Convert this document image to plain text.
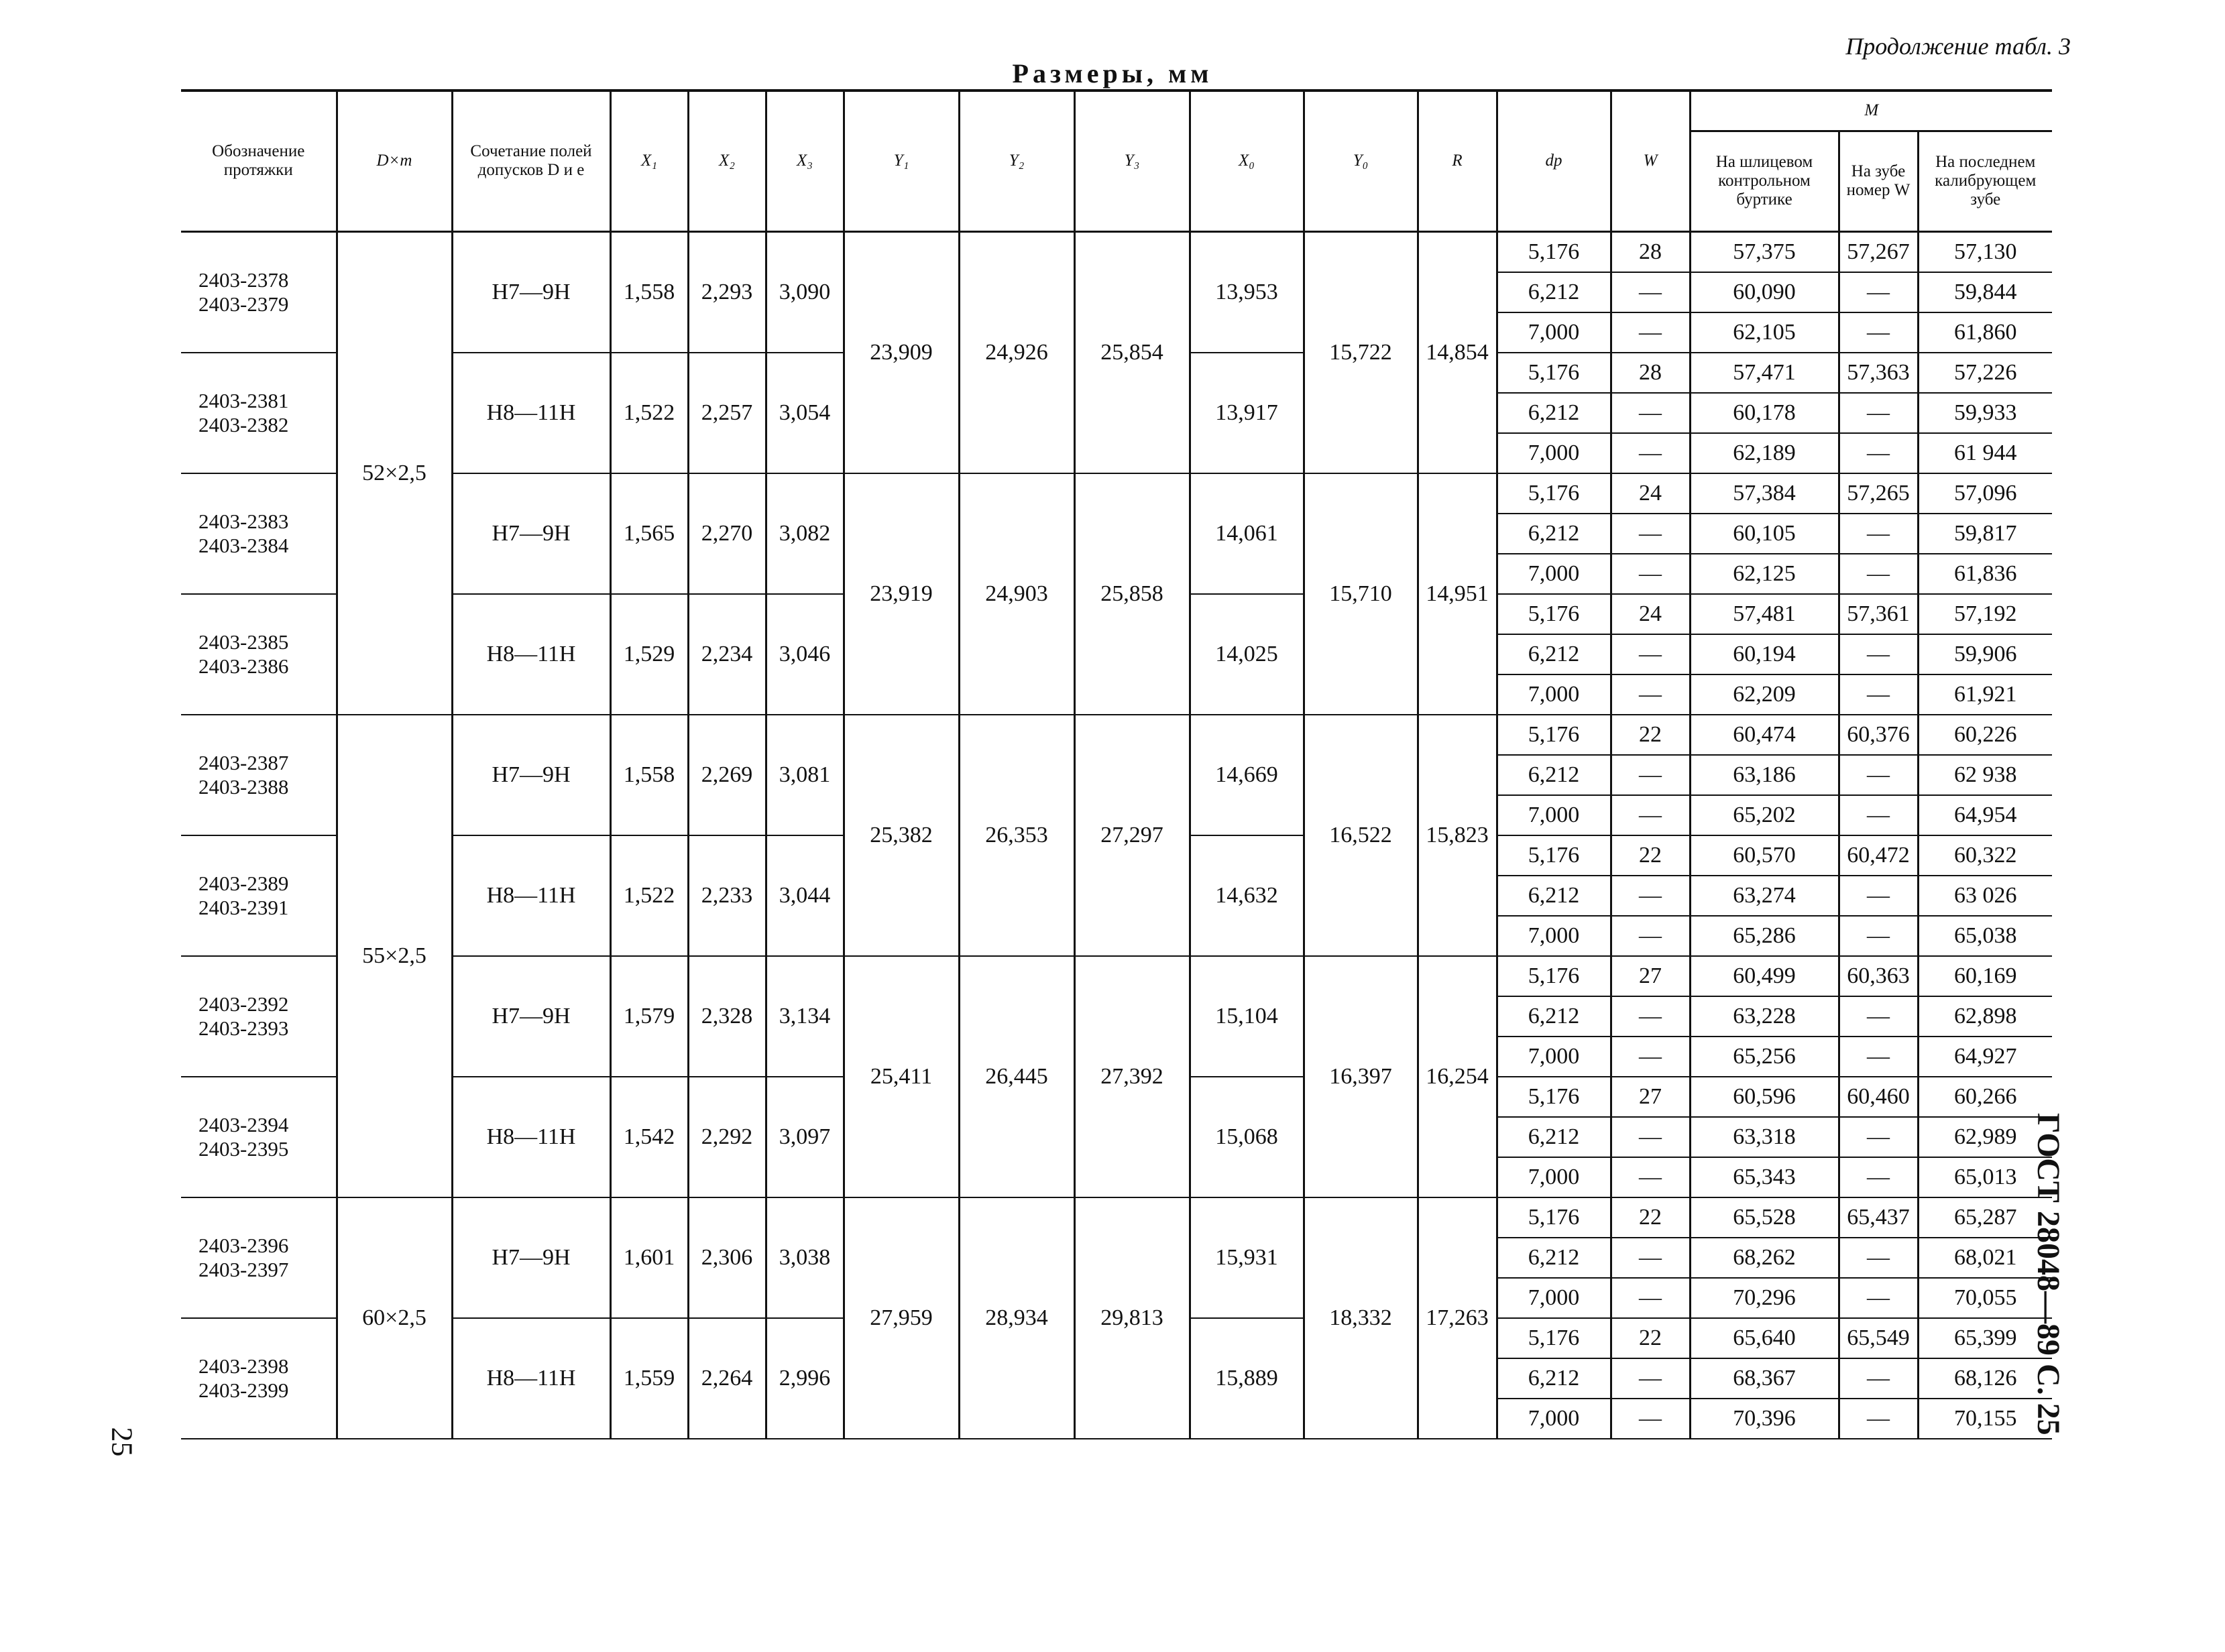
Продолжение табл. 3
Размеры, мм
Обозначение протяжки	D×m	Сочетание полей допусков D и e	X₁	X₂	X₃	Y₁	Y₂	Y₃	X₀	Y₀	R	dp	W	M		
														На шлицевом контрольном буртике	На зубе номер W	На последнем калибрующем зубе

2403-2378
2403-2379	52×2,5	H7—9H	1,558	2,293	3,090	23,909	24,926	25,854	13,953	15,722	14,854	5,176	28	57,375	57,267	57,130
												6,212	—	60,090	—	59,844
												7,000	—	62,105	—	61,860

2403-2381
2403-2382		H8—11H	1,522	2,257	3,054				13,917			5,176	28	57,471	57,363	57,226
												6,212	—	60,178	—	59,933
												7,000	—	62,189	—	61 944

2403-2383
2403-2384		H7—9H	1,565	2,270	3,082	23,919	24,903	25,858	14,061	15,710	14,951	5,176	24	57,384	57,265	57,096
												6,212	—	60,105	—	59,817
												7,000	—	62,125	—	61,836

2403-2385
2403-2386		H8—11H	1,529	2,234	3,046				14,025			5,176	24	57,481	57,361	57,192
												6,212	—	60,194	—	59,906
												7,000	—	62,209	—	61,921

2403-2387
2403-2388	55×2,5	H7—9H	1,558	2,269	3,081	25,382	26,353	27,297	14,669	16,522	15,823	5,176	22	60,474	60,376	60,226
												6,212	—	63,186	—	62 938
												7,000	—	65,202	—	64,954

2403-2389
2403-2391		H8—11H	1,522	2,233	3,044				14,632			5,176	22	60,570	60,472	60,322
												6,212	—	63,274	—	63 026
												7,000	—	65,286	—	65,038

2403-2392
2403-2393		H7—9H	1,579	2,328	3,134	25,411	26,445	27,392	15,104	16,397	16,254	5,176	27	60,499	60,363	60,169
												6,212	—	63,228	—	62,898
												7,000	—	65,256	—	64,927

2403-2394
2403-2395		H8—11H	1,542	2,292	3,097				15,068			5,176	27	60,596	60,460	60,266
												6,212	—	63,318	—	62,989
												7,000	—	65,343	—	65,013

2403-2396
2403-2397	60×2,5	H7—9H	1,601	2,306	3,038	27,959	28,934	29,813	15,931	18,332	17,263	5,176	22	65,528	65,437	65,287
												6,212	—	68,262	—	68,021
												7,000	—	70,296	—	70,055

2403-2398
2403-2399		H8—11H	1,559	2,264	2,996				15,889			5,176	22	65,640	65,549	65,399
												6,212	—	68,367	—	68,126
												7,000	—	70,396	—	70,155 ГОСТ 28048—89 С. 25
25
